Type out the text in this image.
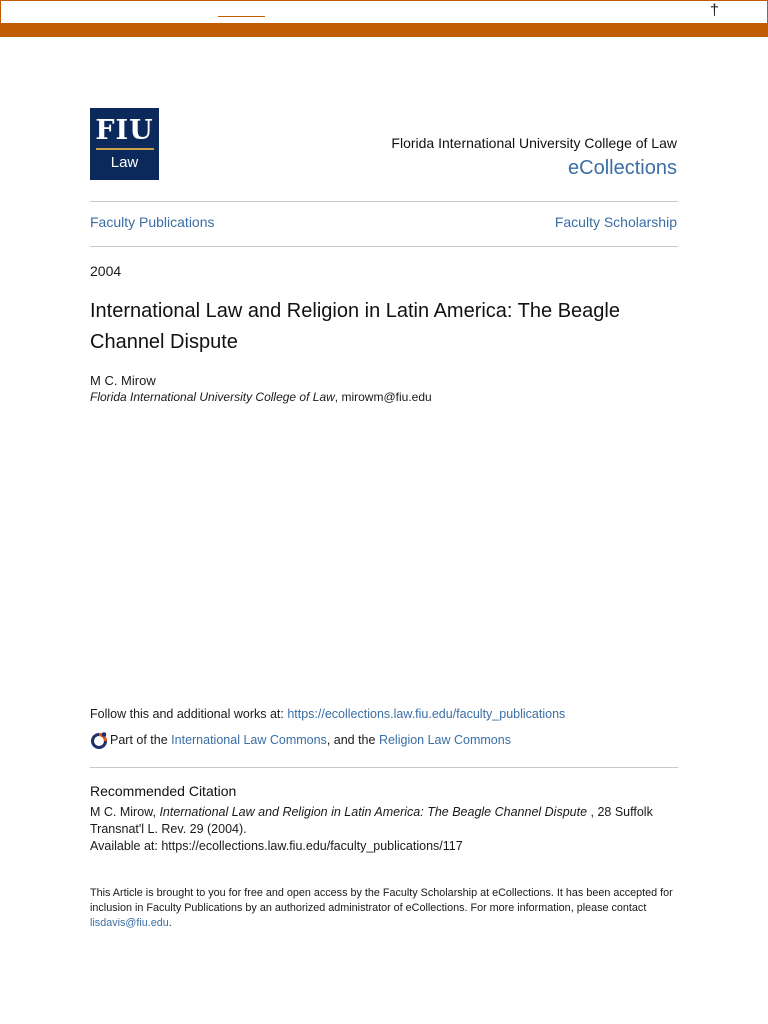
†
FIU
Law
Florida International University College of Law
eCollections
Faculty Publications	Faculty Scholarship
2004
International Law and Religion in Latin America: The Beagle Channel Dispute
M C. Mirow
Florida International University College of Law, mirowm@fiu.edu
Follow this and additional works at: https://ecollections.law.fiu.edu/faculty_publications
Part of the
International Law Commons , and the
Religion Law Commons
Recommended Citation
M C. Mirow, International Law and Religion in Latin America: The Beagle Channel Dispute , 28 Suffolk Transnat'l L. Rev. 29 (2004).
Available at: https://ecollections.law.fiu.edu/faculty_publications/117
This Article is brought to you for free and open access by the Faculty Scholarship at eCollections. It has been accepted for inclusion in Faculty Publications by an authorized administrator of eCollections. For more information, please contact lisdavis@fiu.edu.
